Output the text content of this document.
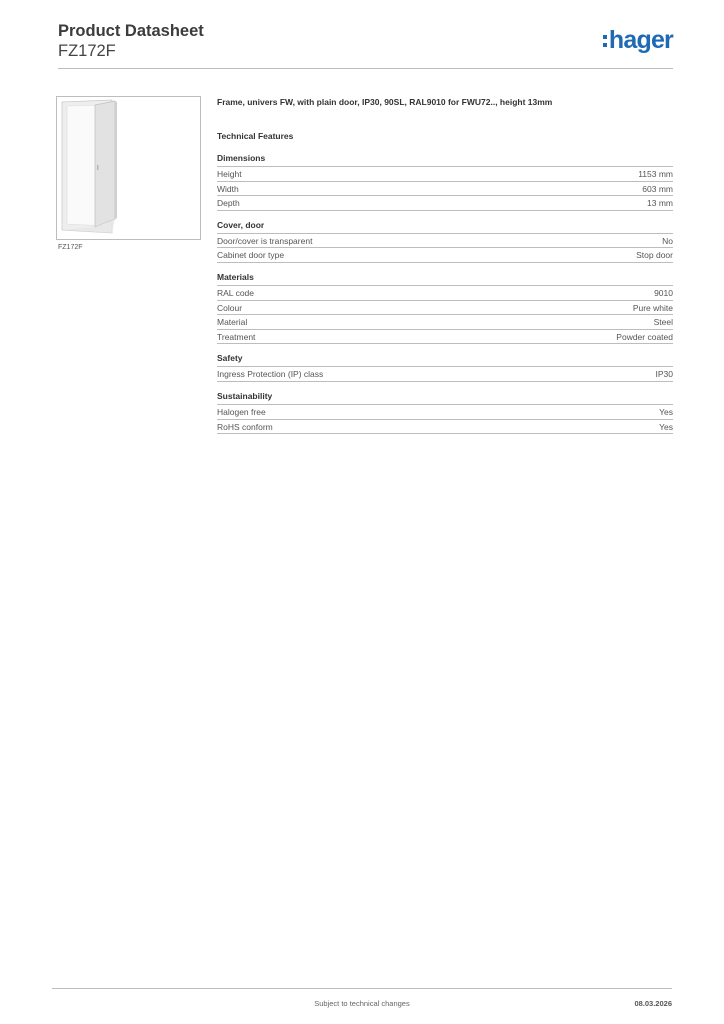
Product Datasheet
FZ172F	hager
FZ172F
Frame, univers FW, with plain door, IP30, 90SL, RAL9010 for FWU72.., height 13mm
Technical Features
Dimensions
Height	1153 mm
Width	603 mm
Depth	13 mm
Cover, door
Door/cover is transparent	No
Cabinet door type	Stop door
Materials
RAL code	9010
Colour	Pure white
Material	Steel
Treatment	Powder coated
Safety
Ingress Protection (IP) class	IP30
Sustainability
Halogen free	Yes
RoHS conform	Yes
Subject to technical changes	08.03.2026
